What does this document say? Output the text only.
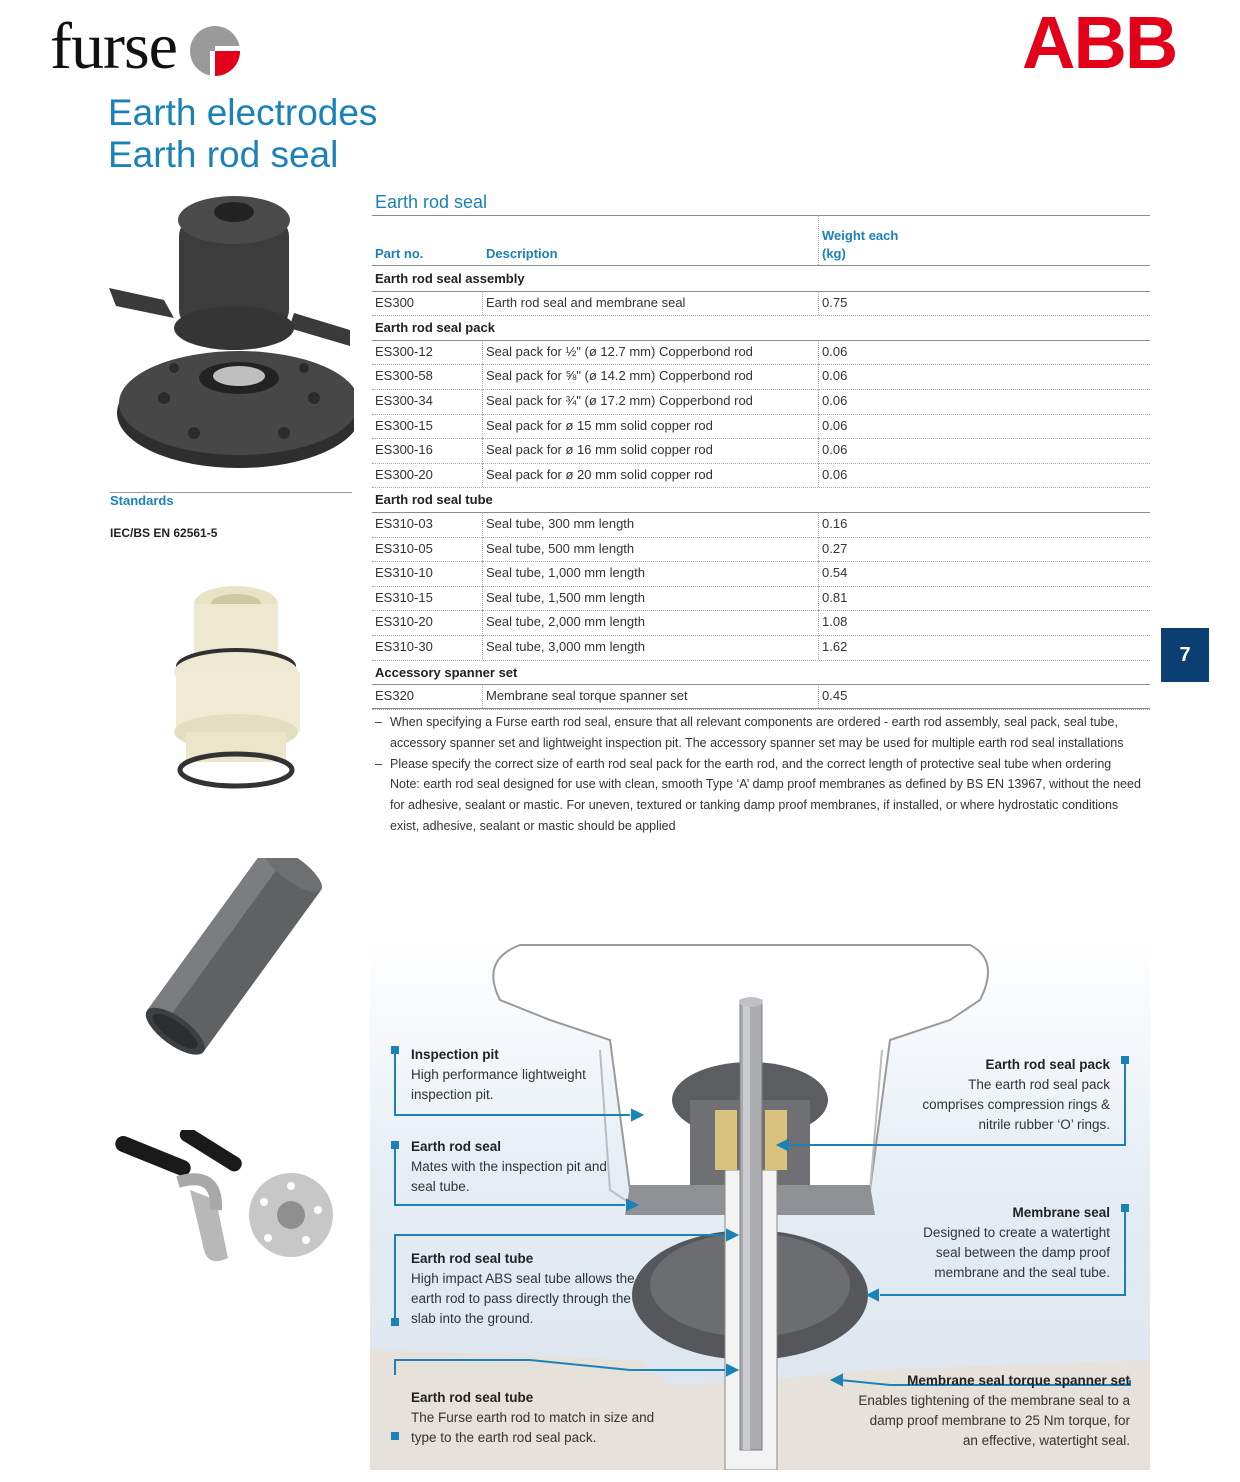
furse	ABB
Earth electrodes
Earth rod seal
Standards
IEC/BS EN 62561-5
Earth rod seal
Part no.	Description
Weight each
(kg)
Earth rod seal assembly
ES300	Earth rod seal and membrane seal	0.75
Earth rod seal pack
ES300-12	Seal pack for ½" (ø 12.7 mm) Copperbond rod	0.06
ES300-58	Seal pack for ⅝" (ø 14.2 mm) Copperbond rod	0.06
ES300-34	Seal pack for ¾" (ø 17.2 mm) Copperbond rod	0.06
ES300-15	Seal pack for ø 15 mm solid copper rod	0.06
ES300-16	Seal pack for ø 16 mm solid copper rod	0.06
ES300-20	Seal pack for ø 20 mm solid copper rod	0.06
Earth rod seal tube
ES310-03	Seal tube, 300 mm length	0.16
ES310-05	Seal tube, 500 mm length	0.27
ES310-10	Seal tube, 1,000 mm length	0.54
ES310-15	Seal tube, 1,500 mm length	0.81
ES310-20	Seal tube, 2,000 mm length	1.08
ES310-30	Seal tube, 3,000 mm length	1.62
Accessory spanner set
ES320	Membrane seal torque spanner set	0.45
7
– When specifying a Furse earth rod seal, ensure that all relevant components are ordered - earth rod assembly, seal pack, seal tube, accessory spanner set and lightweight inspection pit. The accessory spanner set may be used for multiple earth rod seal installations
– Please specify the correct size of earth rod seal pack for the earth rod, and the correct length of protective seal tube when ordering
Note: earth rod seal designed for use with clean, smooth Type ‘A’ damp proof membranes as defined by BS EN 13967, without the need for adhesive, sealant or mastic. For uneven, textured or tanking damp proof membranes, if installed, or where hydrostatic conditions exist, adhesive, sealant or mastic should be applied
Inspection pit
High performance lightweight inspection pit.
Earth rod seal
Mates with the inspection pit and seal tube.
Earth rod seal tube
High impact ABS seal tube allows the earth rod to pass directly through the slab into the ground.
Earth rod seal tube
The Furse earth rod to match in size and type to the earth rod seal pack.
Earth rod seal pack
The earth rod seal pack comprises compression rings & nitrile rubber ‘O’ rings.
Membrane seal
Designed to create a watertight seal between the damp proof membrane and the seal tube.
Membrane seal torque spanner set
Enables tightening of the membrane seal to a damp proof membrane to 25 Nm torque, for an effective, watertight seal.
